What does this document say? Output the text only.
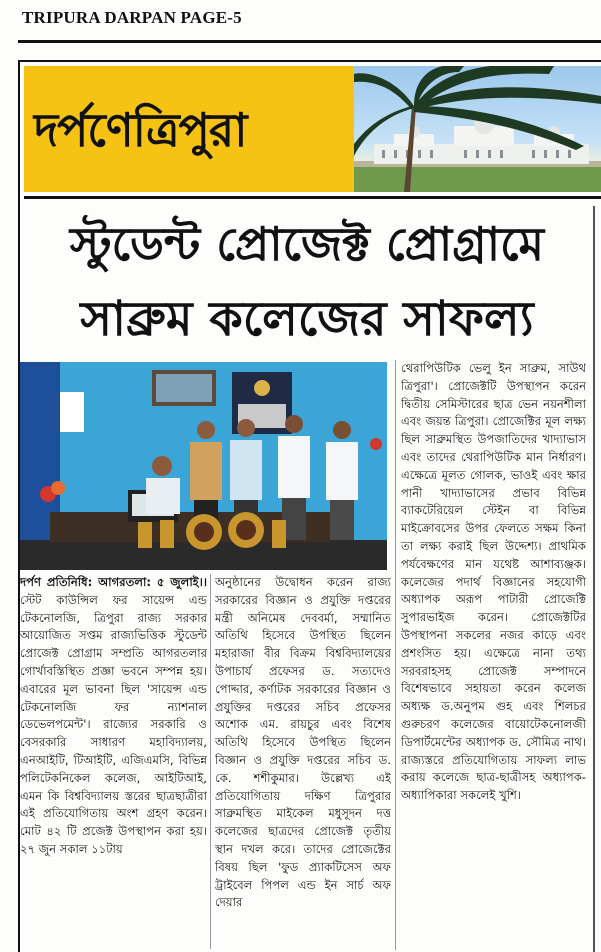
TRIPURA DARPAN PAGE-5
দর্পণেত্রিপুরা
স্টুডেন্ট প্রোজেক্ট প্রোগ্রামে
সাব্রুম কলেজের সাফল্য
দর্পণ প্রতিনিধি: আগরতলা: ৫ জুলাই।। স্টেট কাউন্সিল ফর সায়েন্স এন্ড টেকনোলজি, ত্রিপুরা রাজ্য সরকার আয়োজিত সপ্তম রাজ্যভিত্তিক স্টুডেন্ট প্রোজেক্ট প্রোগ্রাম সম্প্রতি আগরতলার গোর্খাবস্তিস্থিত প্রজ্ঞা ভবনে সম্পন্ন হয়। এবারের মূল ভাবনা ছিল 'সায়েন্স এন্ড টেকনোলজি ফর ন্যাশনাল ডেভেলপমেন্ট'। রাজ্যের সরকারি ও বেসরকারি সাধারণ মহাবিদ্যালয়, এনআইটি, টিআইটি, এজিএমসি, বিভিন্ন পলিটেকনিকেল কলেজ, আইটিআই, এমন কি বিশ্ববিদ্যালয় স্তরের ছাত্রছাত্রীরা এই প্রতিযোগিতায় অংশ গ্রহণ করেন। মোট ৪২ টি প্রজেক্ট উপস্থাপন করা হয়। ২৭ জুন সকাল ১১টায়
অনুষ্ঠানের উদ্বোধন করেন রাজ্য সরকারের বিজ্ঞান ও প্রযুক্তি দপ্তরের মন্ত্রী অনিমেষ দেববর্মা, সম্মানিত অতিথি হিসেবে উপস্থিত ছিলেন মহারাজা বীর বিক্রম বিশ্ববিদ্যালয়ের উপাচার্য প্রফেসর ড. সত্যদেও পোদ্দার, কর্ণাটক সরকারের বিজ্ঞান ও প্রযুক্তির দপ্তরের সচিব প্রফেসর অশোক এম. রায়চুর এবং বিশেষ অতিথি হিসেবে উপস্থিত ছিলেন বিজ্ঞান ও প্রযুক্তি দপ্তরের সচিব ড. কে. শশীকুমার। উল্লেখ্য এই প্রতিযোগিতায় দক্ষিণ ত্রিপুরার সাব্রুমস্থিত মাইকেল মধুসূদন দত্ত কলেজের ছাত্রদের প্রোজেক্ট তৃতীয় স্থান দখল করে। তাদের প্রোজেক্টের বিষয় ছিল 'ফুড প্র্যাকটিসেস অফ ট্রাইবেল পিপল এন্ড ইন সার্চ অফ দেয়ার
থেরাপিউটিক ভেলু ইন সাব্রুম, সাউথ ত্রিপুরা'। প্রোজেক্টটি উপস্থাপন করেন দ্বিতীয় সেমিস্টারের ছাত্র ভেন নয়নশীলা এবং জয়ন্ত ত্রিপুরা। প্রোজেক্টির মূল লক্ষ্য ছিল সাব্রুমস্থিত উপজাতিদের খাদ্যাভাস এবং তাদের থেরাপিউটিক মান নির্ধারণ। এক্ষেত্রে মূলত গোলক, ভাওই এবং ক্ষার পানী খাদ্যাভাসের প্রভাব বিভিন্ন ব্যাকটেরিয়েল স্টেইন বা বিভিন্ন মাইক্রোবসের উপর ফেলতে সক্ষম কিনা তা লক্ষ্য করাই ছিল উদ্দেশ্য। প্রাথমিক পর্যবেক্ষণের মান যথেষ্ট আশাব্যঞ্জক। কলেজের পদার্থ বিজ্ঞানের সহযোগী অধ্যাপক অরূপ পাটারী প্রোজেক্টি সুপারভাইজ করেন। প্রোজেক্টটির উপস্থাপনা সকলের নজর কাড়ে এবং প্রশংসিত হয়। এক্ষেত্রে নানা তথ্য সরবরাহসহ প্রোজেক্ট সম্পাদনে বিশেষভাবে সহায়তা করেন কলেজ অধ্যক্ষ ড.অনুপম গুহ এবং শিলচর গুরুচরণ কলেজের বায়োটেকনোলজী ডিপার্টমেন্টের অধ্যাপক ড. সৌমিত্র নাথ। রাজ্যস্তরে প্রতিযোগিতায় সাফল্য লাভ করায় কলেজে ছাত্র-ছাত্রীসহ অধ্যাপক-অধ্যাপিকারা সকলেই খুশি।
